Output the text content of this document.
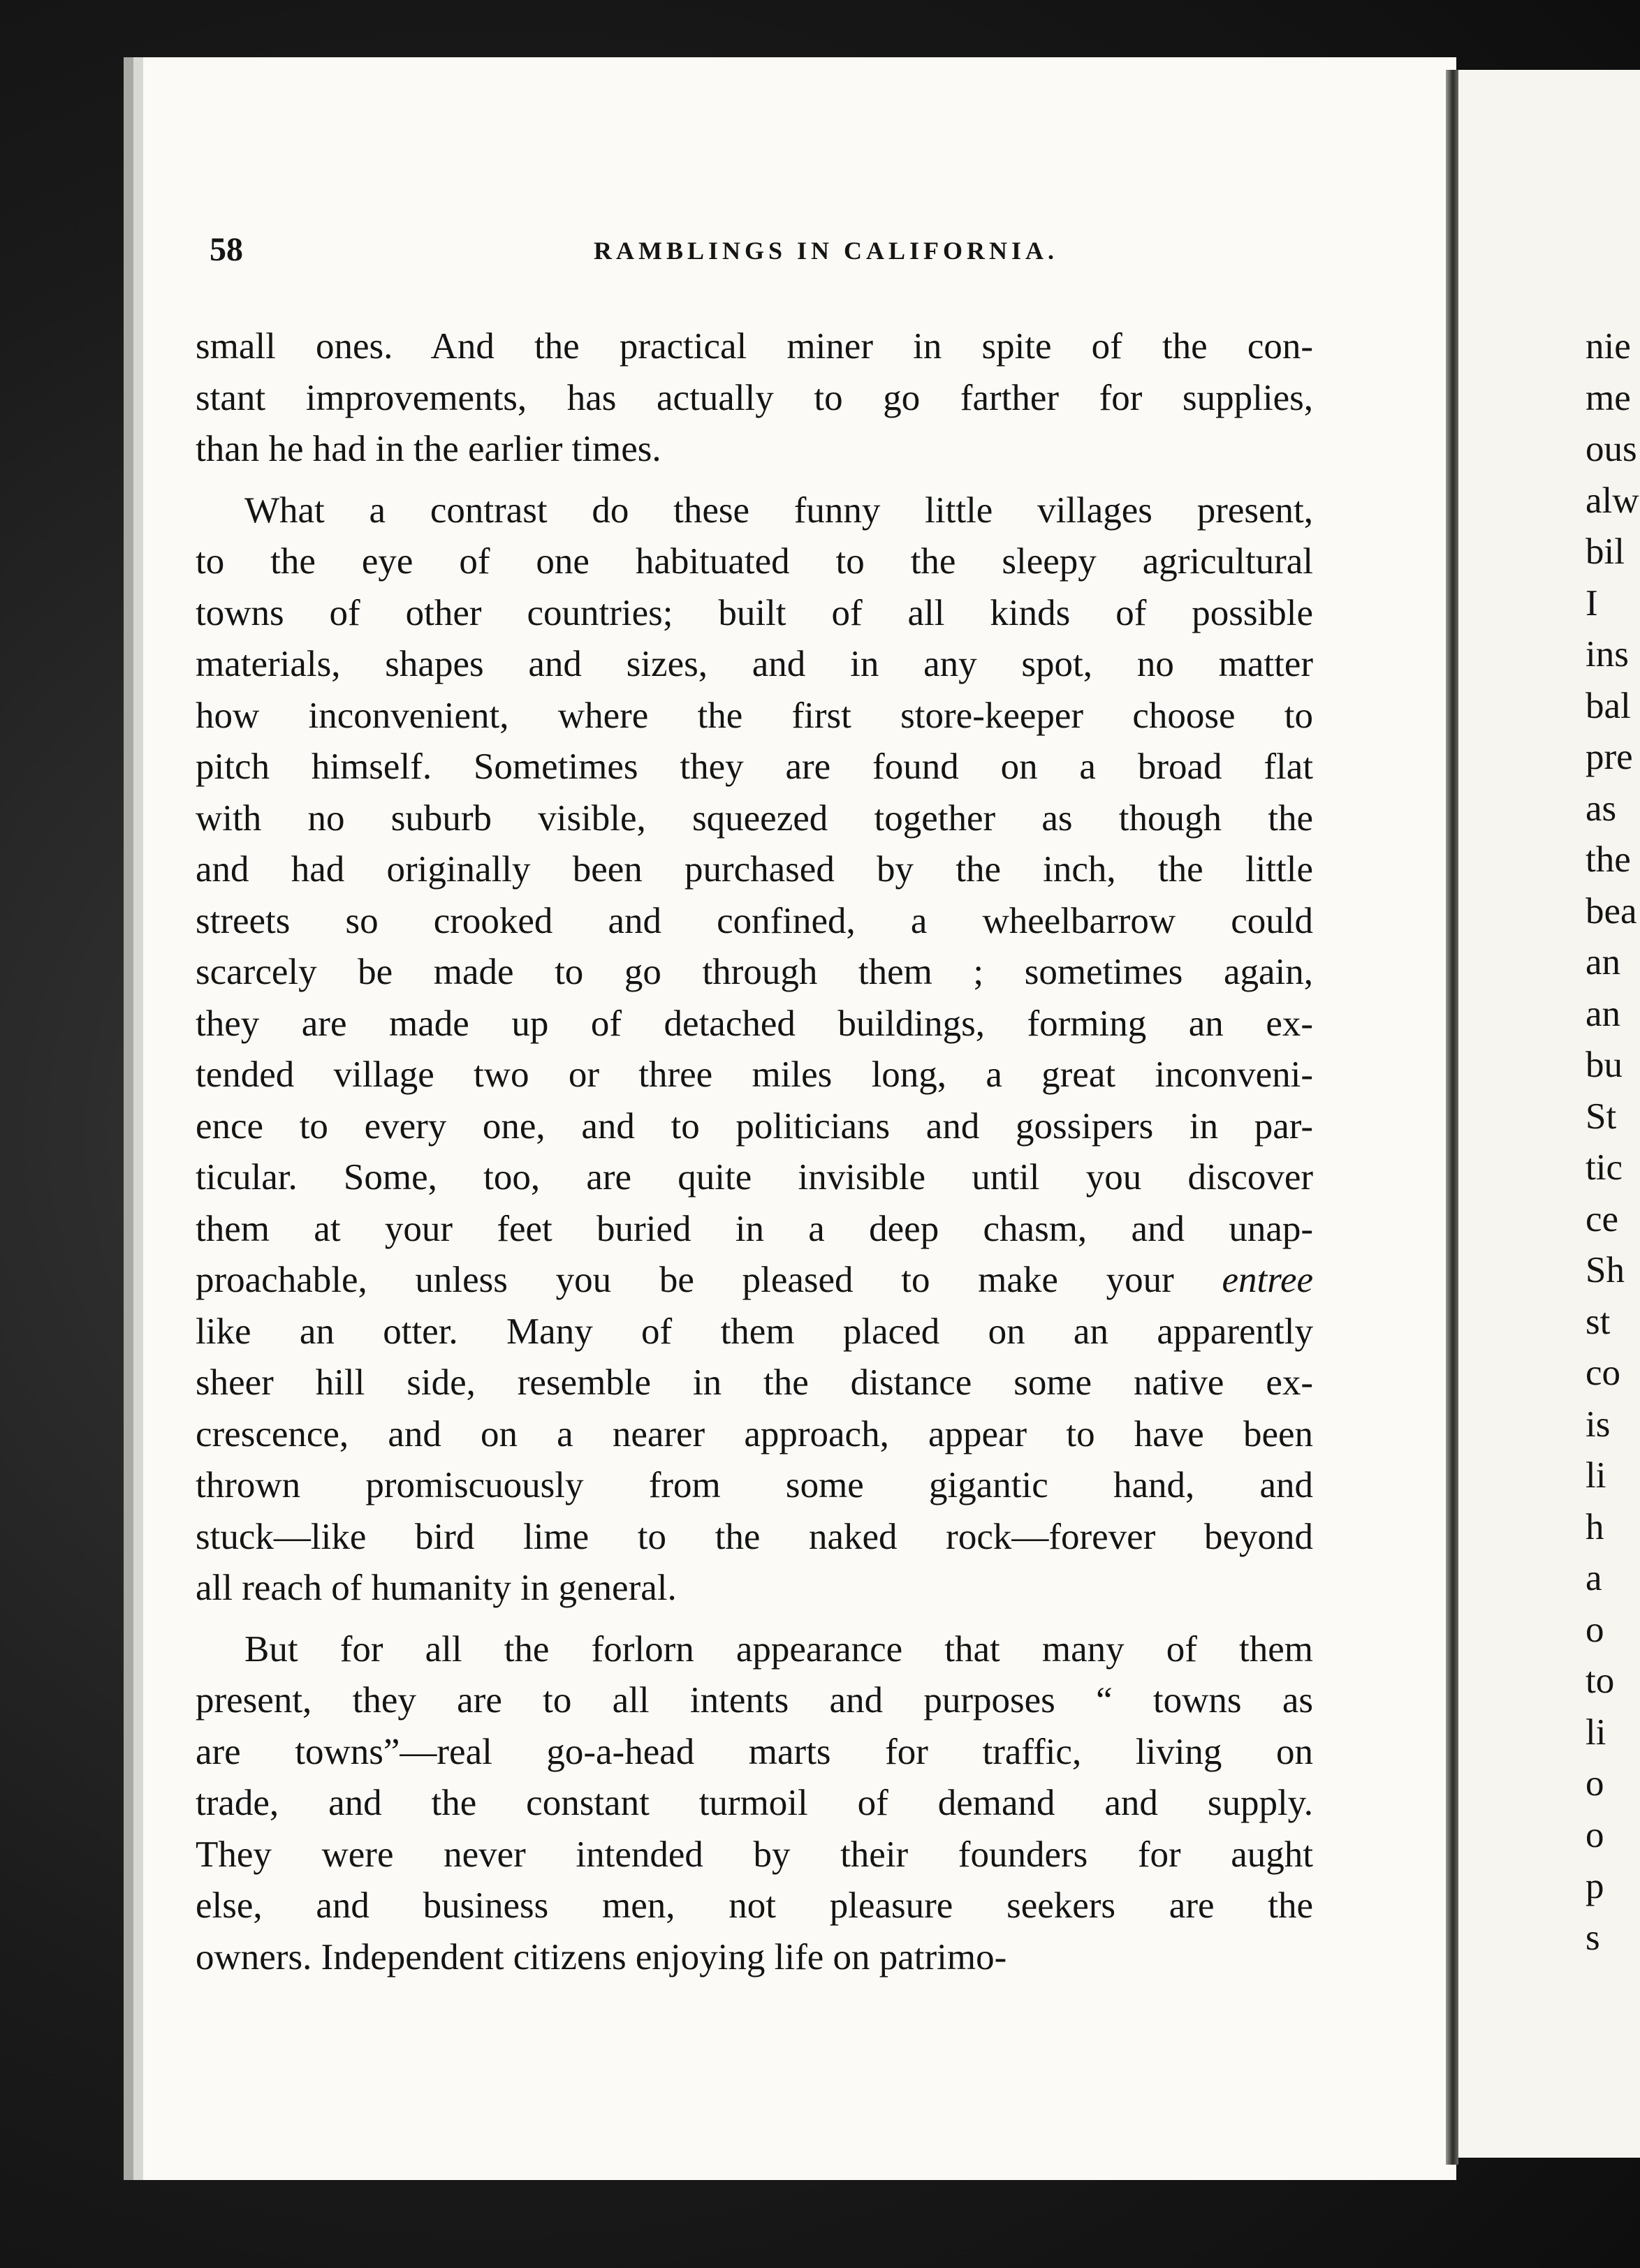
58	RAMBLINGS IN CALIFORNIA.
small ones. And the practical miner in spite of the con-
stant improvements, has actually to go farther for supplies,
than he had in the earlier times.
What a contrast do these funny little villages present,
to the eye of one habituated to the sleepy agricultural
towns of other countries; built of all kinds of possible
materials, shapes and sizes, and in any spot, no matter
how inconvenient, where the first store-keeper choose to
pitch himself. Sometimes they are found on a broad flat
with no suburb visible, squeezed together as though the
and had originally been purchased by the inch, the little
streets so crooked and confined, a wheelbarrow could
scarcely be made to go through them ; sometimes again,
they are made up of detached buildings, forming an ex-
tended village two or three miles long, a great inconveni-
ence to every one, and to politicians and gossipers in par-
ticular. Some, too, are quite invisible until you discover
them at your feet buried in a deep chasm, and unap-
proachable, unless you be pleased to make your entree
like an otter. Many of them placed on an apparently
sheer hill side, resemble in the distance some native ex-
crescence, and on a nearer approach, appear to have been
thrown promiscuously from some gigantic hand, and
stuck—like bird lime to the naked rock—forever beyond
all reach of humanity in general.
But for all the forlorn appearance that many of them
present, they are to all intents and purposes “ towns as
are towns”—real go-a-head marts for traffic, living on
trade, and the constant turmoil of demand and supply.
They were never intended by their founders for aught
else, and business men, not pleasure seekers are the
owners. Independent citizens enjoying life on patrimo-
nie
me
ous
alw
bil
I
ins
bal
pre
as
the
bea
an
an
bu
St
tic
ce
Sh
st
co
is
li
h
a
o
to
li
o
o
p
s
